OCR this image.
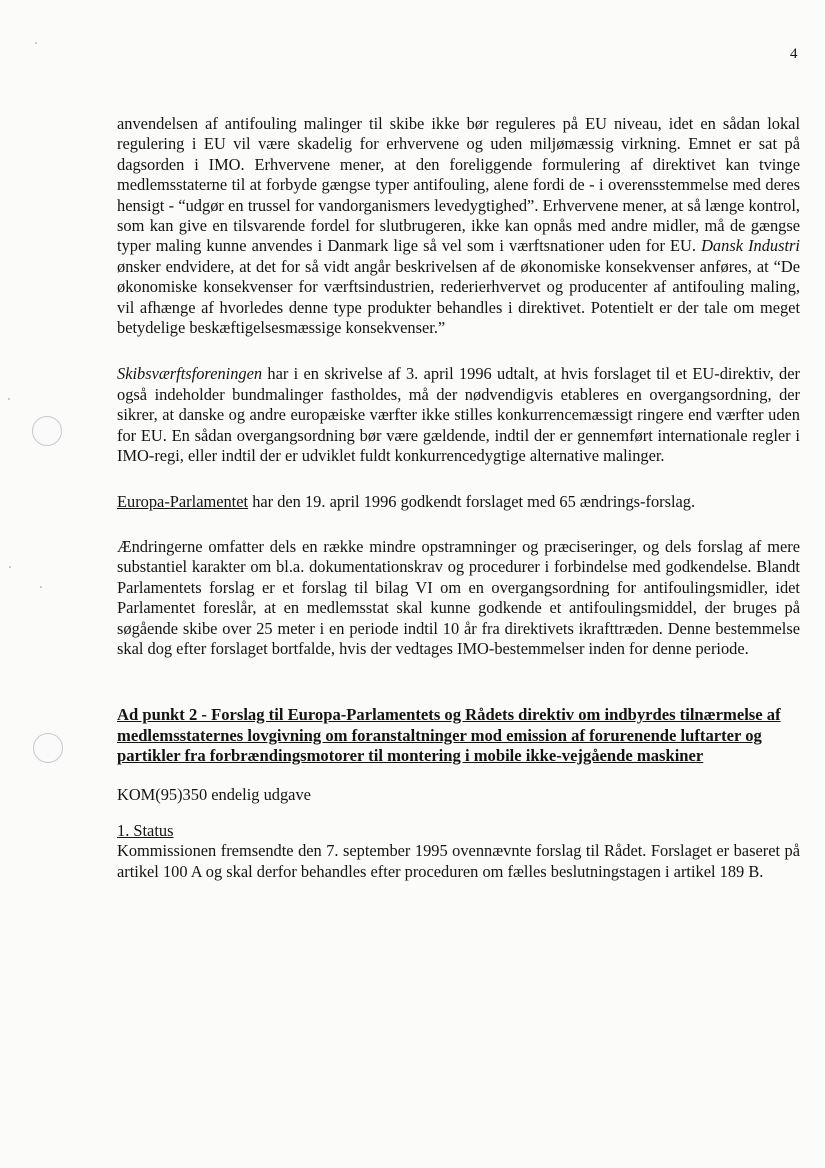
4

anvendelsen af antifouling malinger til skibe ikke bør reguleres på EU niveau, idet en sådan lokal regulering i EU vil være skadelig for erhvervene og uden miljømæssig virkning. Emnet er sat på dagsorden i IMO. Erhvervene mener, at den foreliggende formulering af direktivet kan tvinge medlemsstaterne til at forbyde gængse typer antifouling, alene fordi de - i overensstemmelse med deres hensigt - “udgør en trussel for vandorganismers levedygtighed”. Erhvervene mener, at så længe kontrol, som kan give en tilsvarende fordel for slutbrugeren, ikke kan opnås med andre midler, må de gængse typer maling kunne anvendes i Danmark lige så vel som i værftsnationer uden for EU. Dansk Industri ønsker endvidere, at det for så vidt angår beskrivelsen af de økonomiske konsekvenser anføres, at “De økonomiske konsekvenser for værftsindustrien, rederierhvervet og producenter af antifouling maling, vil afhænge af hvorledes denne type produkter behandles i direktivet. Potentielt er der tale om meget betydelige beskæftigelsesmæssige konsekvenser.”

Skibsværftsforeningen har i en skrivelse af 3. april 1996 udtalt, at hvis forslaget til et EU-direktiv, der også indeholder bundmalinger fastholdes, må der nødvendigvis etableres en overgangsordning, der sikrer, at danske og andre europæiske værfter ikke stilles konkurrencemæssigt ringere end værfter uden for EU. En sådan overgangsordning bør være gældende, indtil der er gennemført internationale regler i IMO-regi, eller indtil der er udviklet fuldt konkurrencedygtige alternative malinger.

Europa-Parlamentet har den 19. april 1996 godkendt forslaget med 65 ændrings-forslag.

Ændringerne omfatter dels en række mindre opstramninger og præciseringer, og dels forslag af mere substantiel karakter om bl.a. dokumentationskrav og procedurer i forbindelse med godkendelse. Blandt Parlamentets forslag er et forslag til bilag VI om en overgangsordning for antifoulingsmidler, idet Parlamentet foreslår, at en medlemsstat skal kunne godkende et antifoulingsmiddel, der bruges på søgående skibe over 25 meter i en periode indtil 10 år fra direktivets ikrafttræden. Denne bestemmelse skal dog efter forslaget bortfalde, hvis der vedtages IMO-bestemmelser inden for denne periode.

Ad punkt 2 - Forslag til Europa-Parlamentets og Rådets direktiv om indbyrdes tilnærmelse af medlemsstaternes lovgivning om foranstaltninger mod emission af forurenende luftarter og partikler fra forbrændingsmotorer til montering i mobile ikke-vejgående maskiner

KOM(95)350 endelig udgave

1. Status

Kommissionen fremsendte den 7. september 1995 ovennævnte forslag til Rådet. Forslaget er baseret på artikel 100 A og skal derfor behandles efter proceduren om fælles beslutningstagen i artikel 189 B.
